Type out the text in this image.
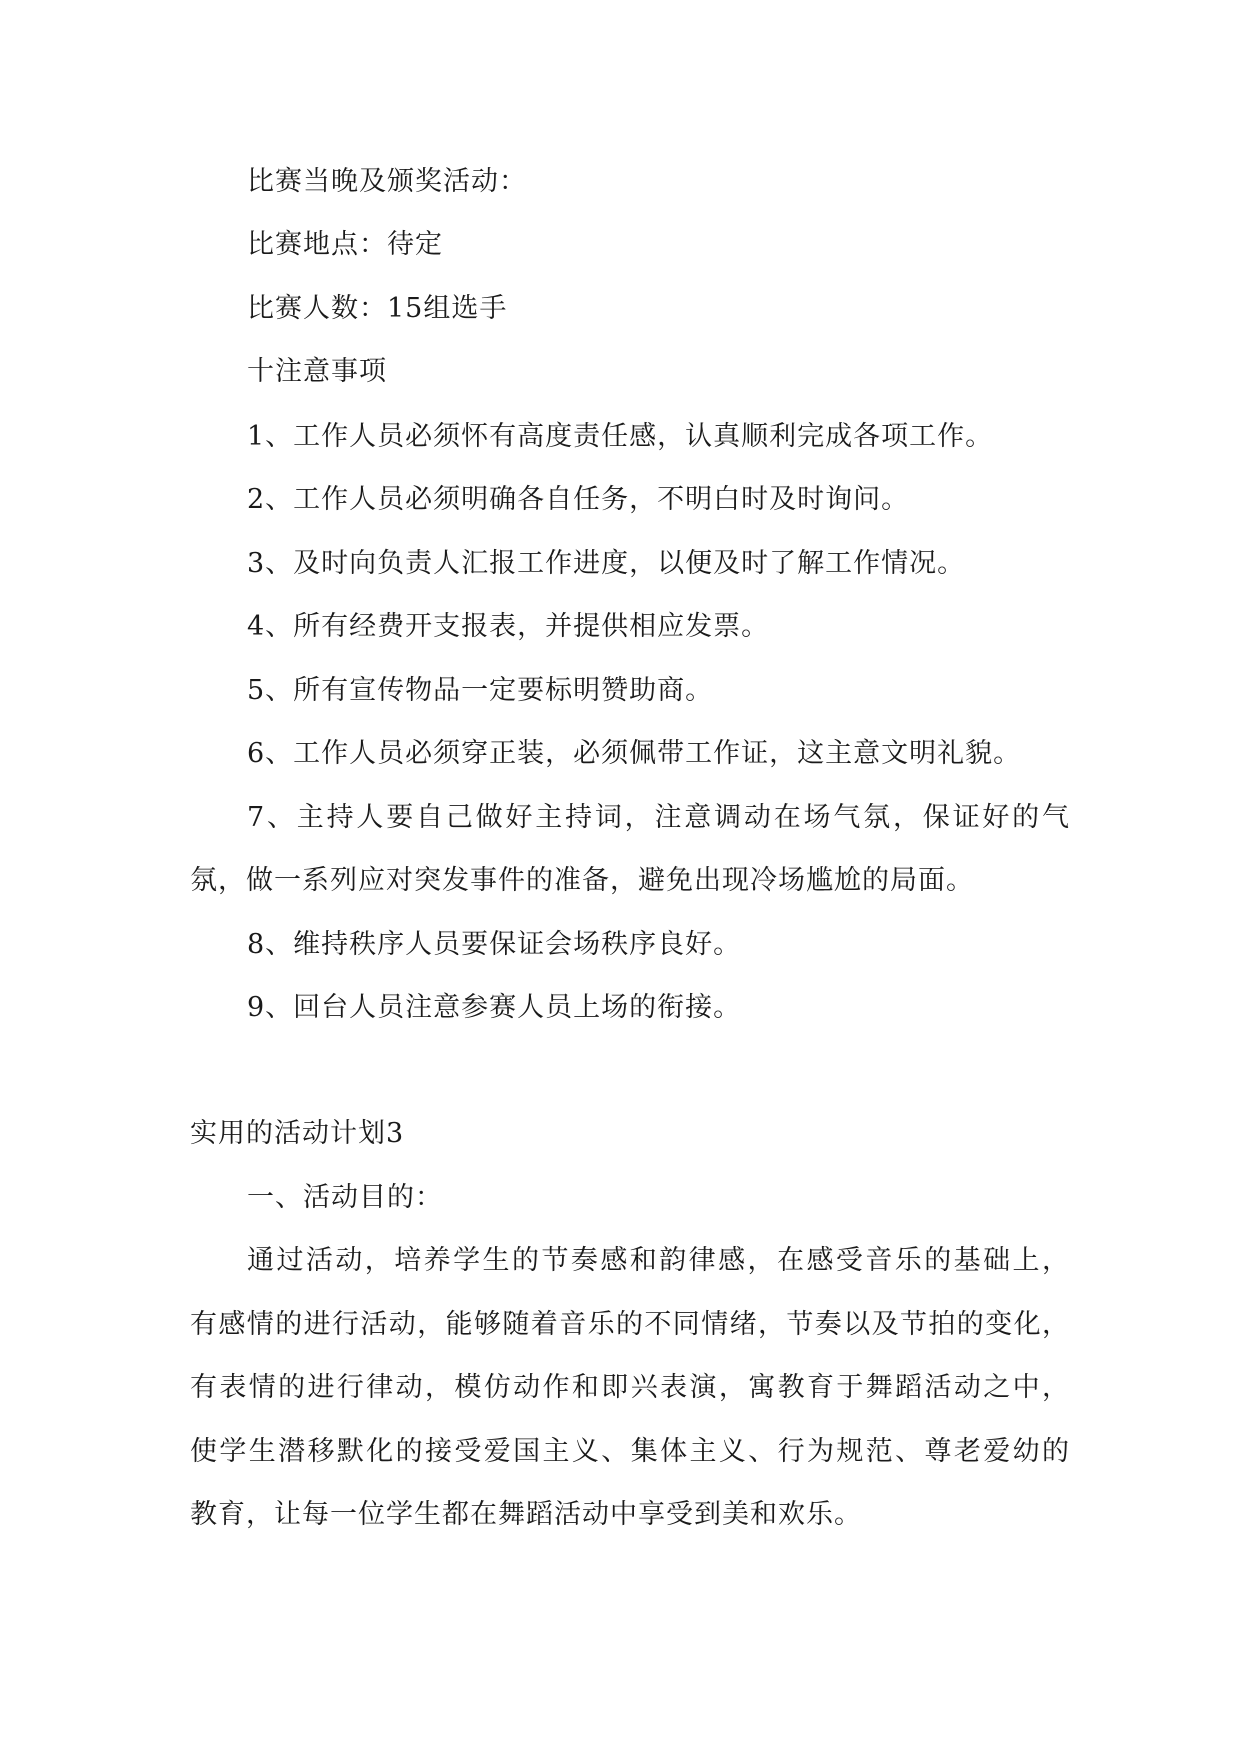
比赛当晚及颁奖活动：
比赛地点：待定
比赛人数：15组选手
十注意事项
1、工作人员必须怀有高度责任感，认真顺利完成各项工作。
2、工作人员必须明确各自任务，不明白时及时询问。
3、及时向负责人汇报工作进度，以便及时了解工作情况。
4、所有经费开支报表，并提供相应发票。
5、所有宣传物品一定要标明赞助商。
6、工作人员必须穿正装，必须佩带工作证，这主意文明礼貌。
7、主持人要自己做好主持词，注意调动在场气氛，保证好的气
氛，做一系列应对突发事件的准备，避免出现冷场尴尬的局面。
8、维持秩序人员要保证会场秩序良好。
9、回台人员注意参赛人员上场的衔接。
实用的活动计划3
一、活动目的：
通过活动，培养学生的节奏感和韵律感，在感受音乐的基础上，
有感情的进行活动，能够随着音乐的不同情绪，节奏以及节拍的变化，
有表情的进行律动，模仿动作和即兴表演，寓教育于舞蹈活动之中，
使学生潜移默化的接受爱国主义、集体主义、行为规范、尊老爱幼的
教育，让每一位学生都在舞蹈活动中享受到美和欢乐。
